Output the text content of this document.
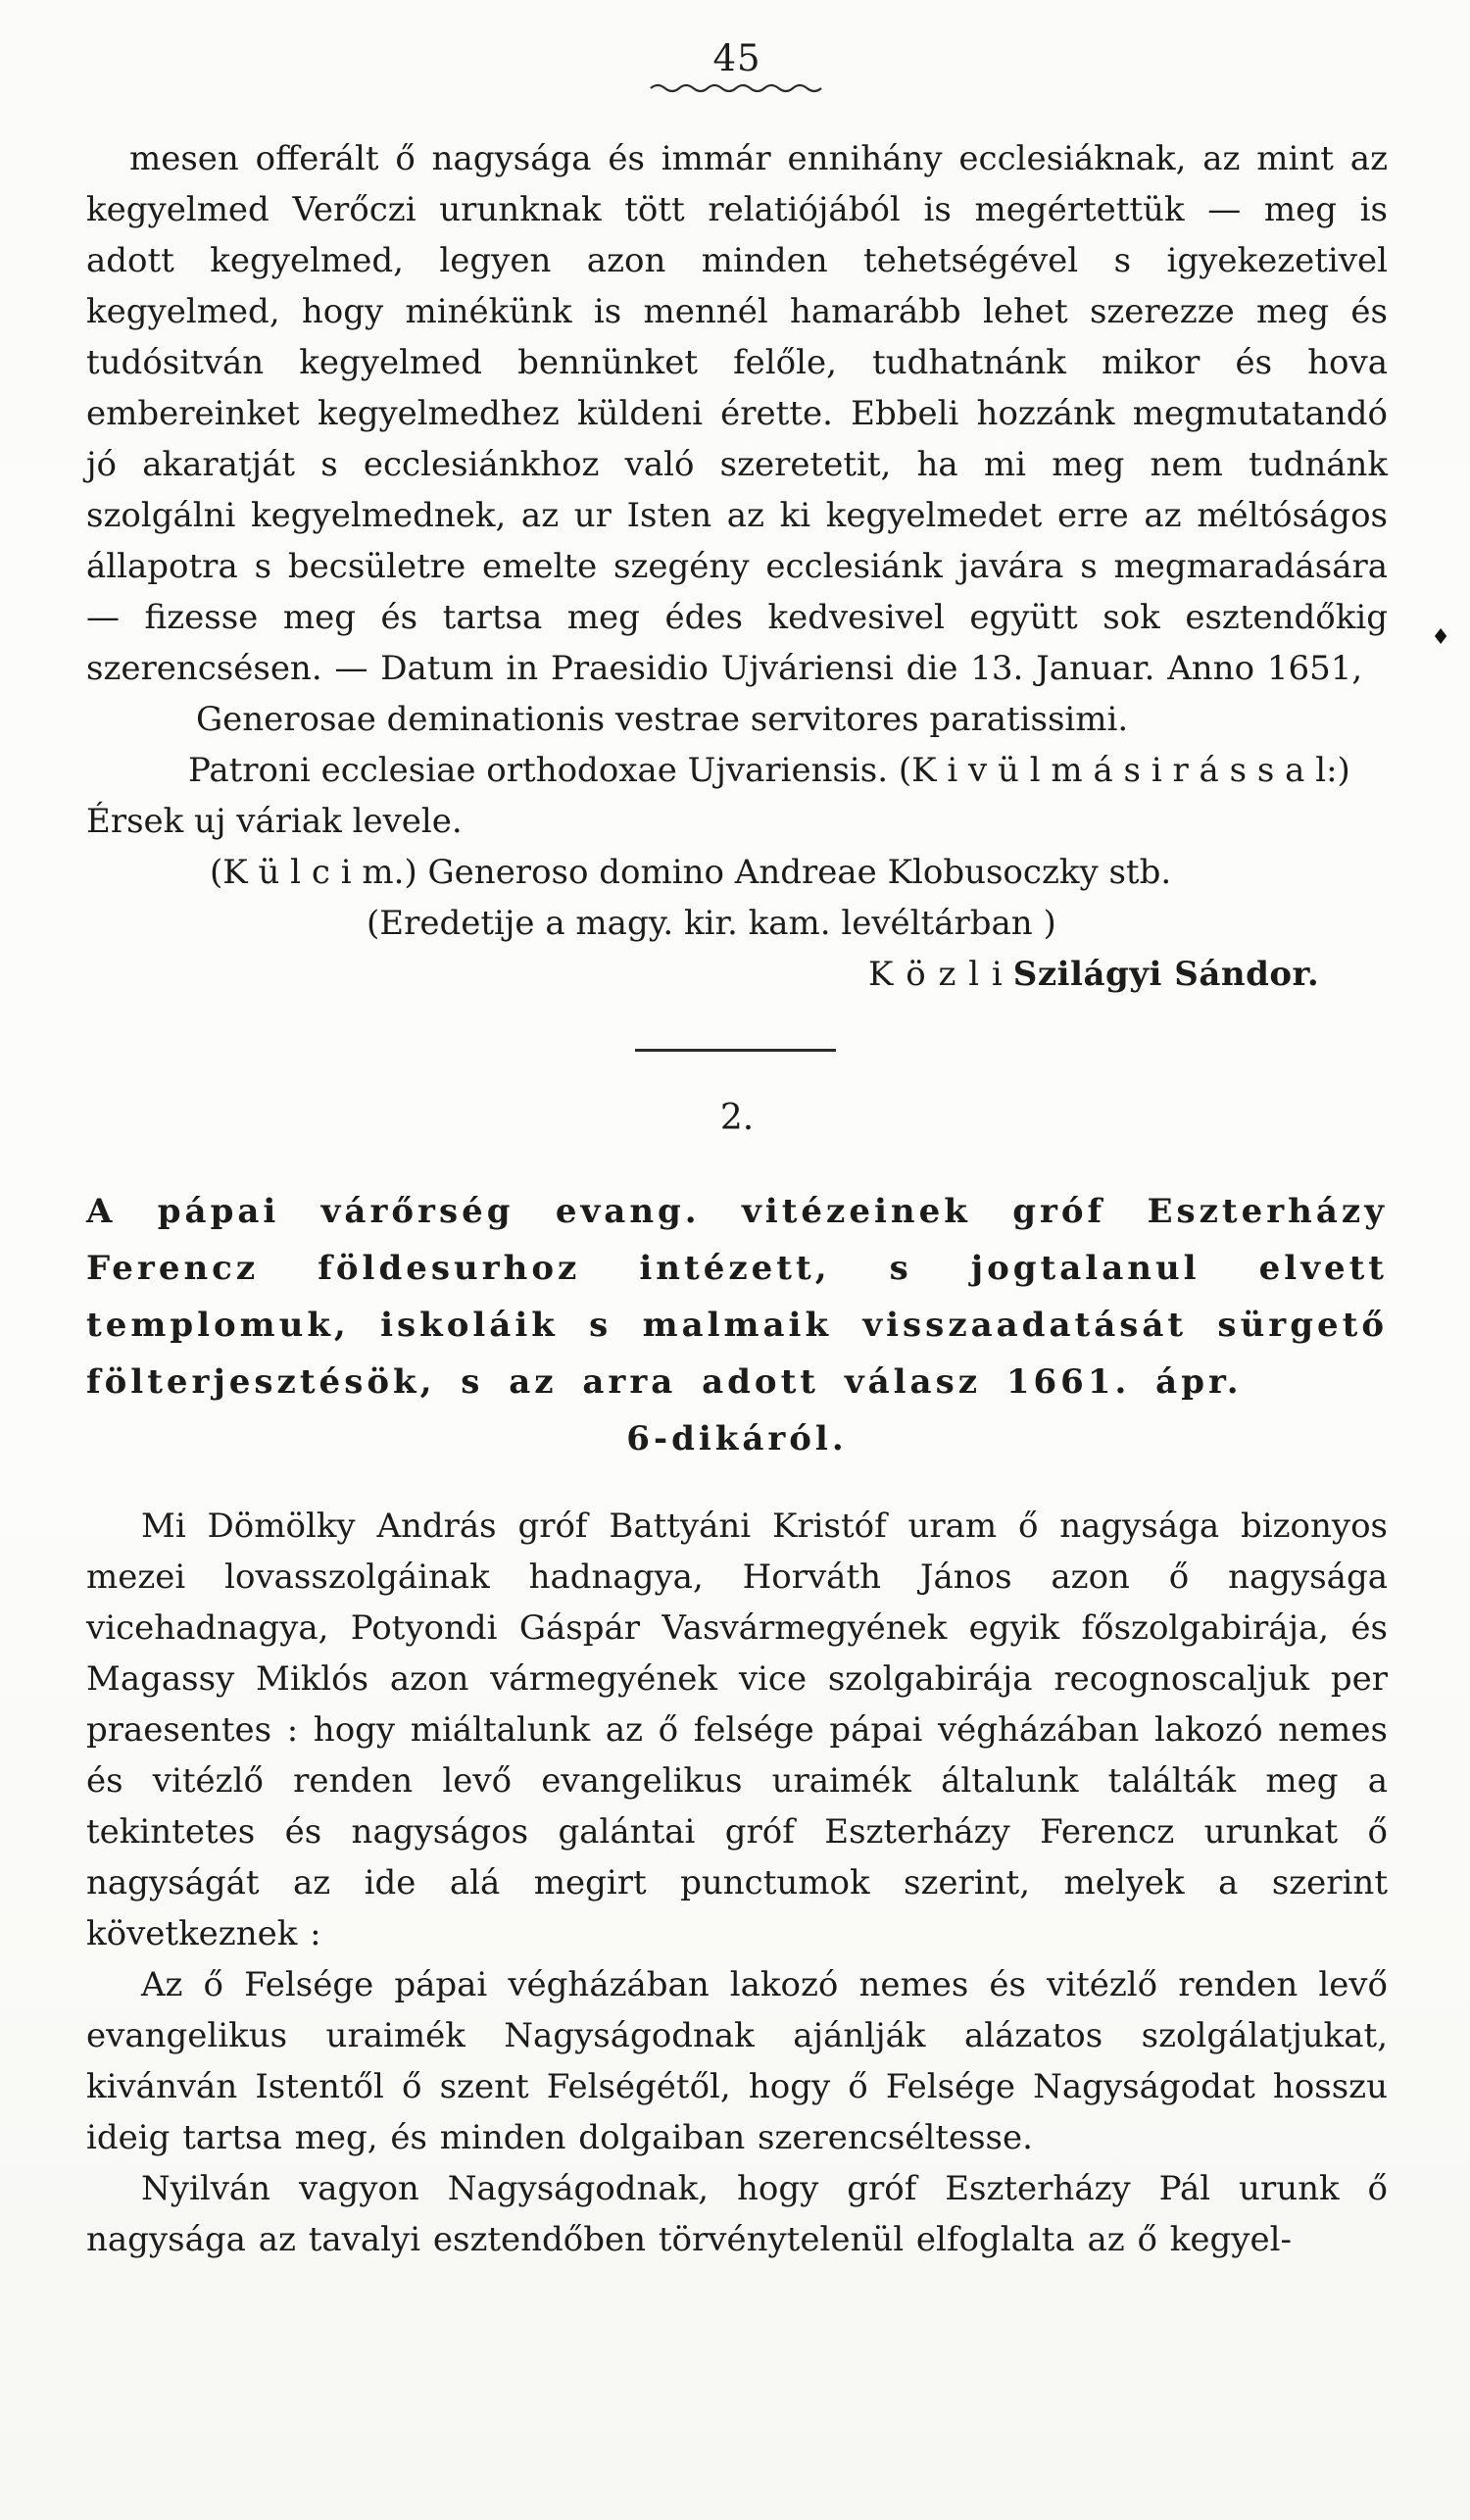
45
♦

mesen offerált ő nagysága és immár ennihány ecclesiáknak, az mint az kegyelmed Verőczi urunknak tött relatiójából is megértettük — meg is adott kegyelmed, legyen azon minden tehetségével s igyekezetivel kegyelmed, hogy minékünk is mennél hamarább lehet szerezze meg és tudósitván kegyelmed bennünket felőle, tudhatnánk mikor és hova embereinket kegyelmedhez küldeni érette. Ebbeli hozzánk megmutatandó jó akaratját s ecclesiánkhoz való szeretetit, ha mi meg nem tudnánk szolgálni kegyelmednek, az ur Isten az ki kegyelmedet erre az méltóságos állapotra s becsületre emelte szegény ecclesiánk javára s megmaradására — fizesse meg és tartsa meg édes kedvesivel együtt sok esztendőkig szerencsésen. — Datum in Praesidio Ujváriensi die 13. Januar. Anno 1651,

Generosae deminationis vestrae servitores paratissimi.
Patroni ecclesiae orthodoxae Ujvariensis. (K i v ü l m á s i r á s s a l:)
Érsek uj váriak levele.
(K ü l c i m.) Generoso domino Andreae Klobusoczky stb.
(Eredetije a magy. kir. kam. levéltárban )
K ö z l i Szilágyi Sándor.
2.

A pápai várőrség evang. vitézeinek gróf Eszterházy Ferencz földesurhoz intézett, s jogtalanul elvett templomuk, iskoláik s malmaik visszaadatását sürgető fölterjesztésök, s az arra adott válasz 1661. ápr.

6-dikáról.

Mi Dömölky András gróf Battyáni Kristóf uram ő nagysága bizonyos mezei lovasszolgáinak hadnagya, Horváth János azon ő nagysága vicehadnagya, Potyondi Gáspár Vasvármegyének egyik főszolgabirája, és Magassy Miklós azon vármegyének vice szolgabirája recognoscaljuk per praesentes : hogy miáltalunk az ő felsége pápai végházában lakozó nemes és vitézlő renden levő evangelikus uraimék általunk találták meg a tekintetes és nagyságos galántai gróf Eszterházy Ferencz urunkat ő nagyságát az ide alá megirt punctumok szerint, melyek a szerint következnek :

Az ő Felsége pápai végházában lakozó nemes és vitézlő renden levő evangelikus uraimék Nagyságodnak ajánlják alázatos szolgálatjukat, kivánván Istentől ő szent Felségétől, hogy ő Felsége Nagyságodat hosszu ideig tartsa meg, és minden dolgaiban szerencséltesse.

Nyilván vagyon Nagyságodnak, hogy gróf Eszterházy Pál urunk ő nagysága az tavalyi esztendőben törvénytelenül elfoglalta az ő kegyel-
